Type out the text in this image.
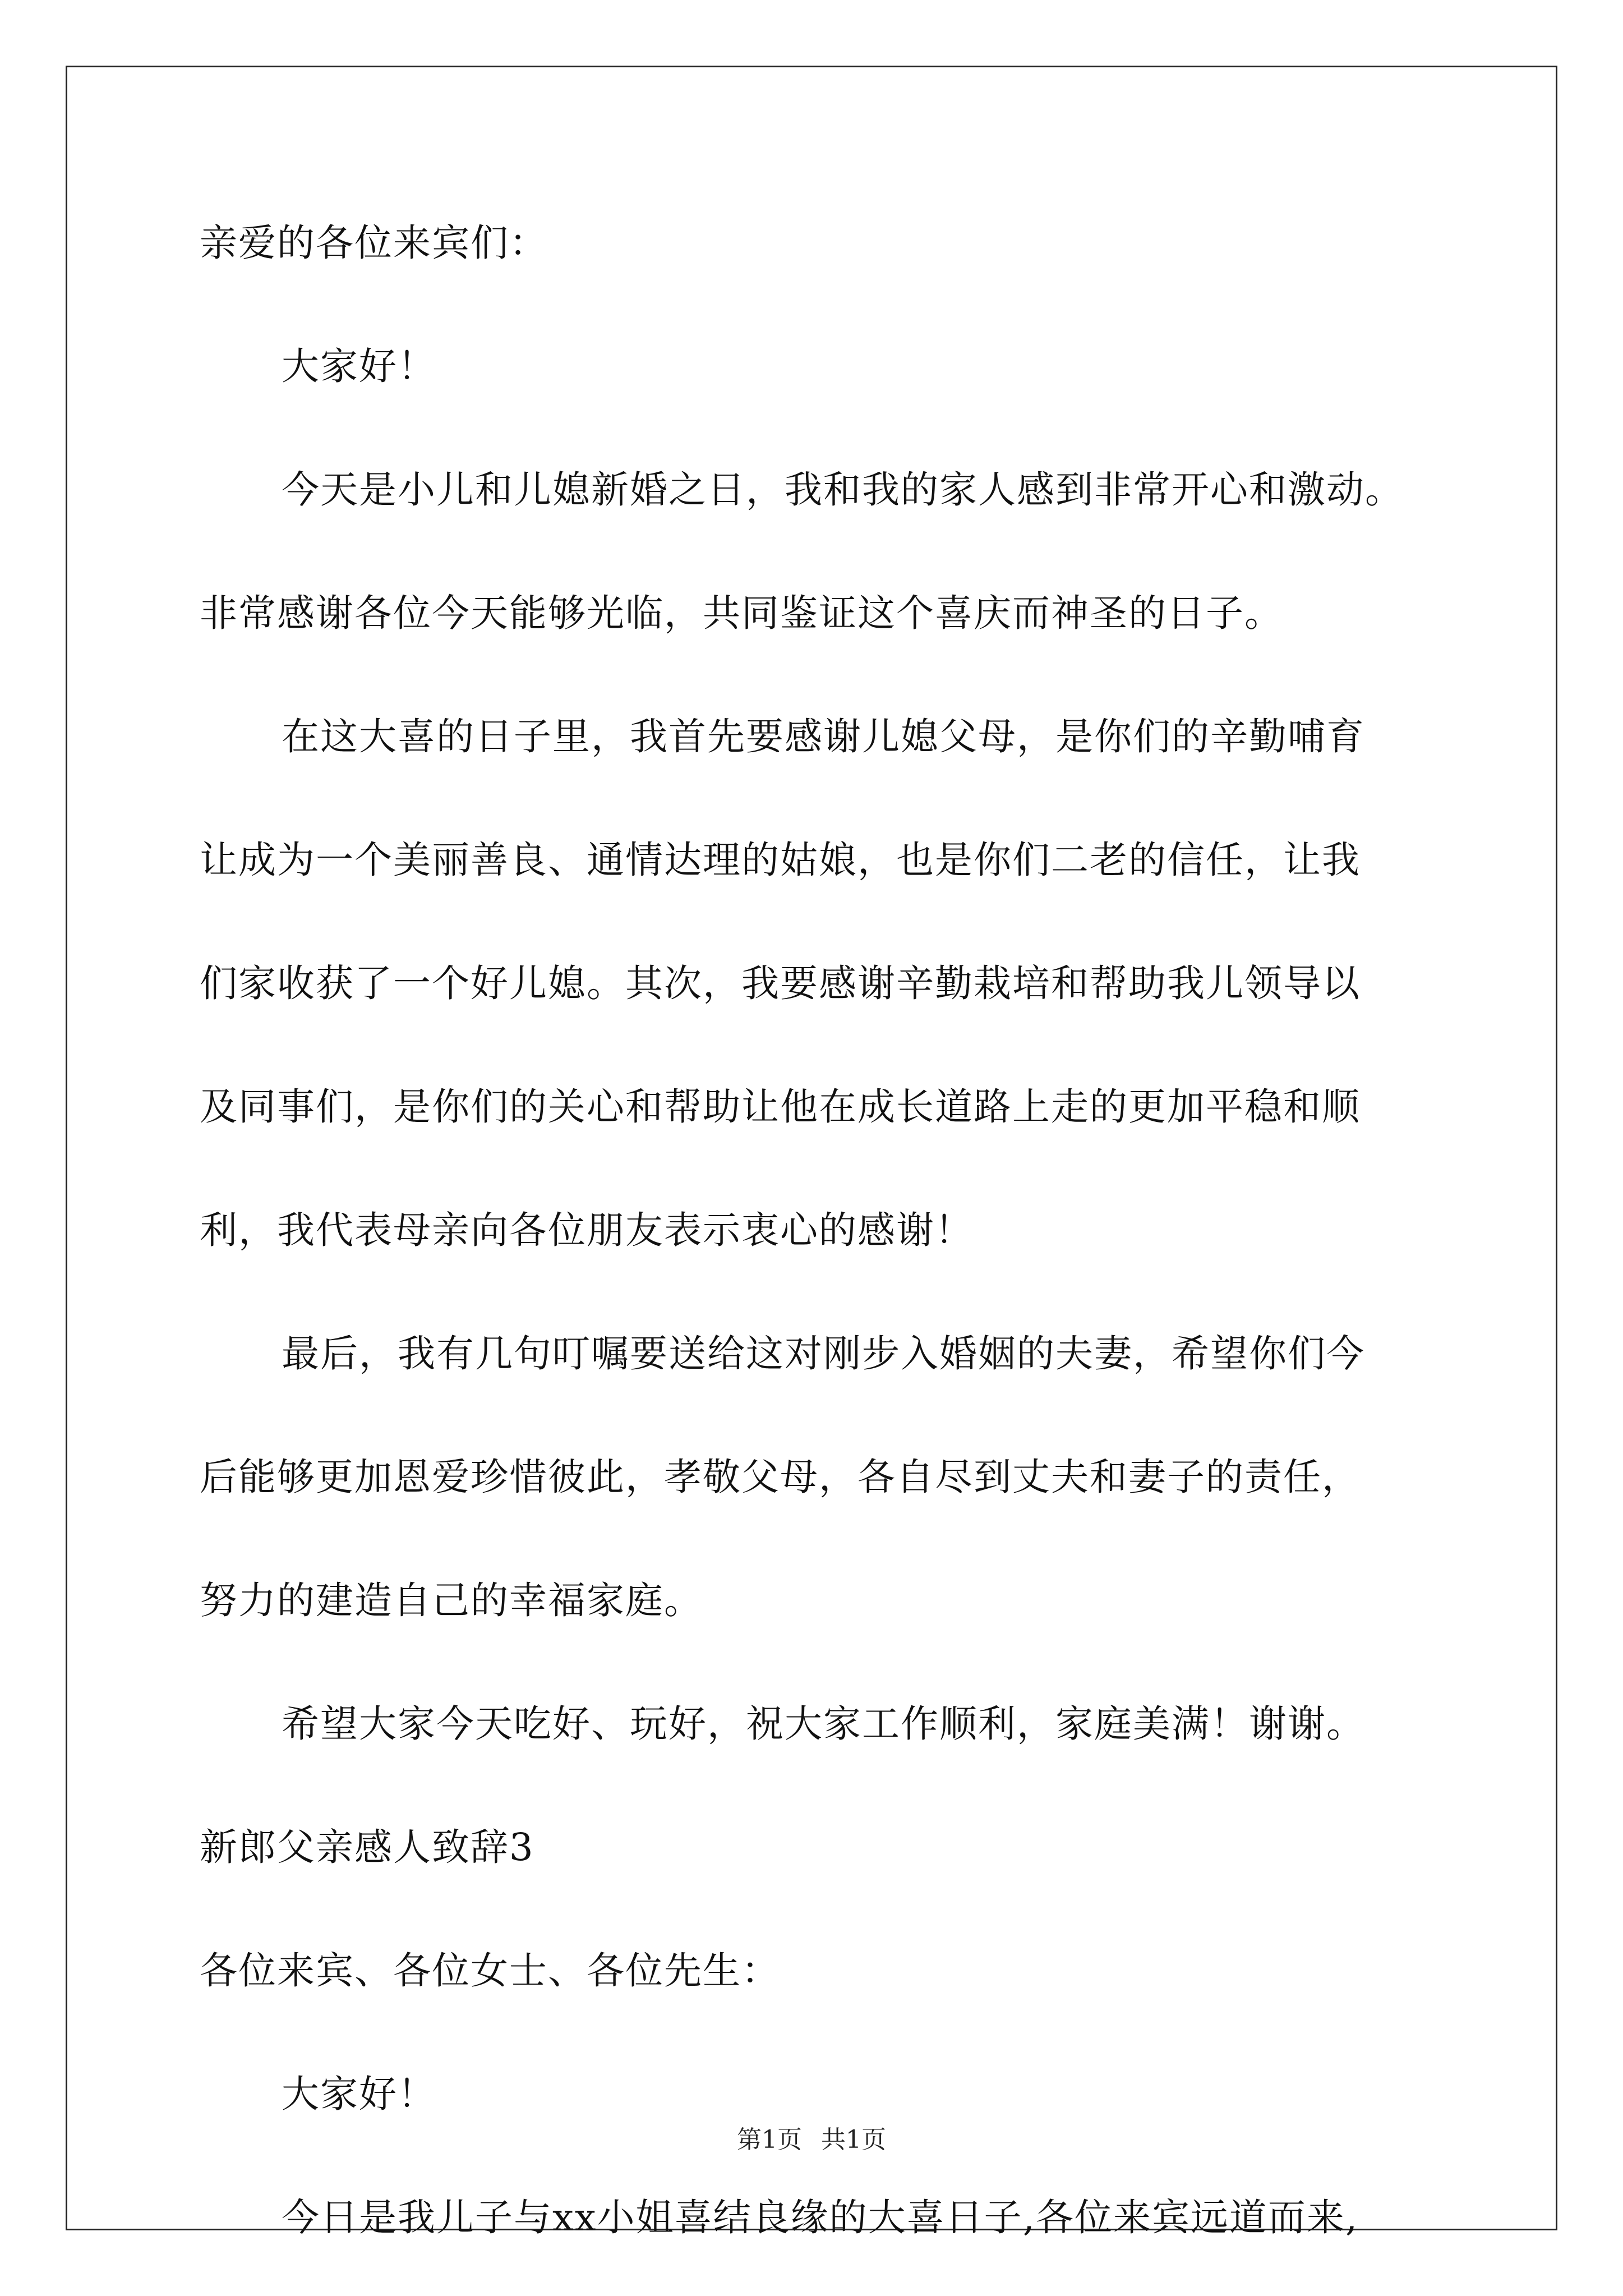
亲爱的各位来宾们：
大家好！
今天是小儿和儿媳新婚之日，我和我的家人感到非常开心和激动。
非常感谢各位今天能够光临，共同鉴证这个喜庆而神圣的日子。
在这大喜的日子里，我首先要感谢儿媳父母，是你们的辛勤哺育
让成为一个美丽善良、通情达理的姑娘，也是你们二老的信任，让我
们家收获了一个好儿媳。其次，我要感谢辛勤栽培和帮助我儿领导以
及同事们，是你们的关心和帮助让他在成长道路上走的更加平稳和顺
利，我代表母亲向各位朋友表示衷心的感谢！
最后，我有几句叮嘱要送给这对刚步入婚姻的夫妻，希望你们今
后能够更加恩爱珍惜彼此，孝敬父母，各自尽到丈夫和妻子的责任，
努力的建造自己的幸福家庭。
希望大家今天吃好、玩好，祝大家工作顺利，家庭美满！谢谢。
新郎父亲感人致辞3
各位来宾、各位女士、各位先生：
大家好！
今日是我儿子与xx小姐喜结良缘的大喜日子,各位来宾远道而来,
第1页 共1页
